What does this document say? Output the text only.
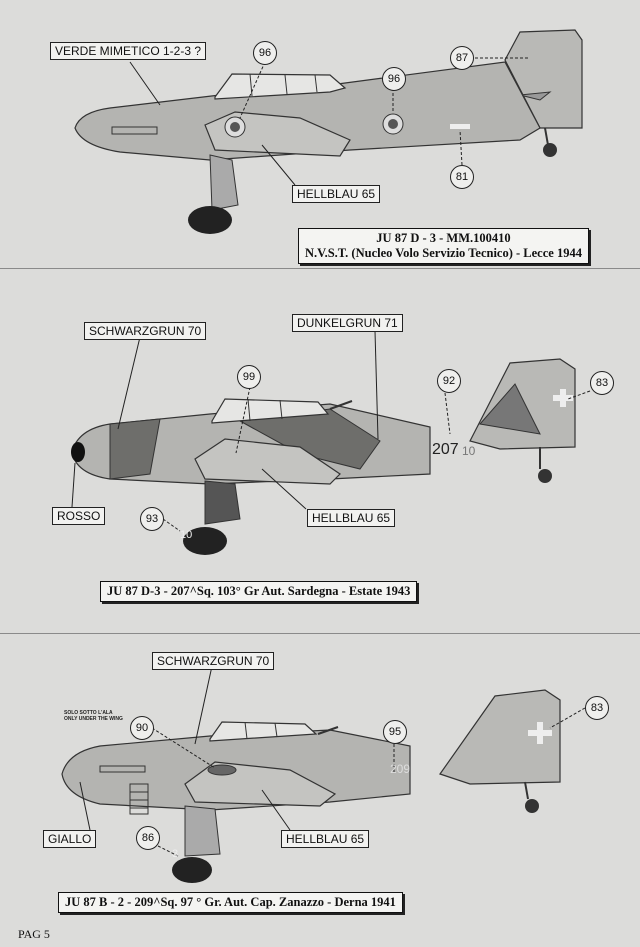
VERDE MIMETICO 1-2-3 ?
HELLBLAU 65
96
96
87
81
JU 87 D - 3 - MM.100410
N.V.S.T. (Nucleo Volo Servizio Tecnico) - Lecce 1944
SCHWARZGRUN 70
DUNKELGRUN 71
ROSSO	HELLBLAU 65
99	92	83
93
207 10
10
JU 87 D-3 - 207^Sq. 103° Gr Aut. Sardegna - Estate 1943
SCHWARZGRUN 70
GIALLO	HELLBLAU 65
SOLO SOTTO L'ALA
ONLY UNDER THE WING
90	95
83
86
209
3
JU 87 B - 2 - 209^Sq. 97 ° Gr. Aut. Cap. Zanazzo - Derna 1941
PAG 5
